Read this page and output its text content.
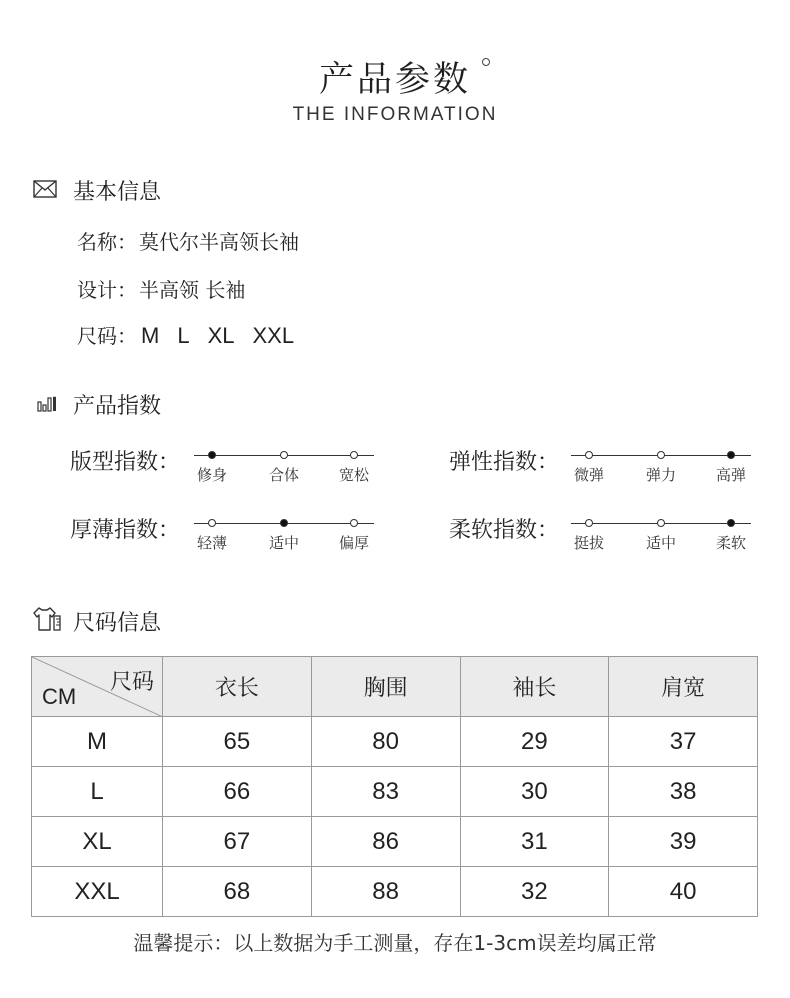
产品参数
THE INFORMATION
基本信息
名称： 莫代尔半高领长袖
设计： 半高领 长袖
尺码： M L XL XXL
产品指数
版型指数： 修身	合体	宽松	弹性指数： 微弹	弹力	高弹
厚薄指数： 轻薄	适中	偏厚	柔软指数： 挺拔	适中	柔软
尺码信息
尺码
CM	衣长	胸围	袖长	肩宽
M	65	80	29	37
L	66	83	30	38
XL	67	86	31	39
XXL	68	88	32	40
温馨提示：以上数据为手工测量，存在1-3cm误差均属正常
